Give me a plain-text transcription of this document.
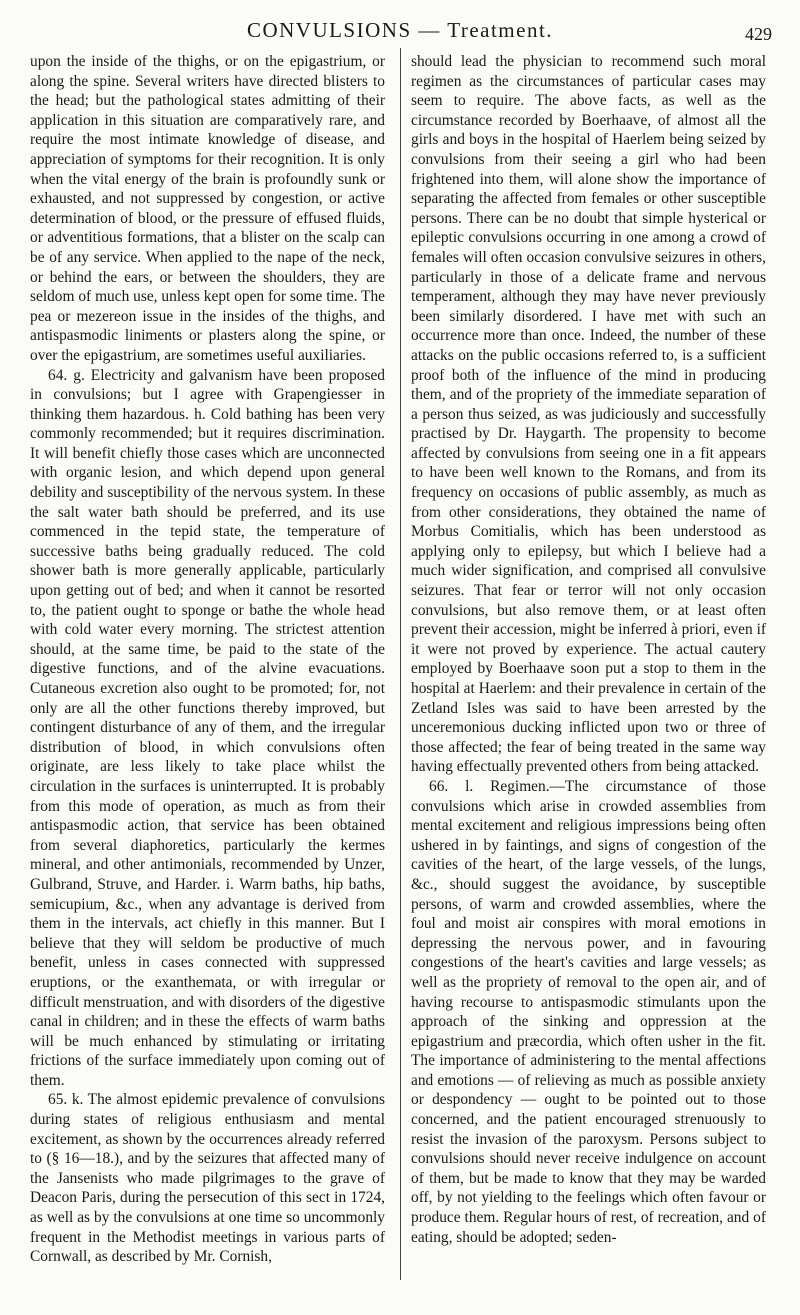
CONVULSIONS — Treatment.	429

upon the inside of the thighs, or on the epigastrium, or along the spine. Several writers have directed blisters to the head; but the pathological states admitting of their application in this situation are comparatively rare, and require the most intimate knowledge of disease, and appreciation of symptoms for their recognition. It is only when the vital energy of the brain is profoundly sunk or exhausted, and not suppressed by congestion, or active determination of blood, or the pressure of effused fluids, or adventitious formations, that a blister on the scalp can be of any service. When applied to the nape of the neck, or behind the ears, or between the shoulders, they are seldom of much use, unless kept open for some time. The pea or mezereon issue in the insides of the thighs, and antispasmodic liniments or plasters along the spine, or over the epigastrium, are sometimes useful auxiliaries.

64. g. Electricity and galvanism have been proposed in convulsions; but I agree with Grapengiesser in thinking them hazardous. h. Cold bathing has been very commonly recommended; but it requires discrimination. It will benefit chiefly those cases which are unconnected with organic lesion, and which depend upon general debility and susceptibility of the nervous system. In these the salt water bath should be preferred, and its use commenced in the tepid state, the temperature of successive baths being gradually reduced. The cold shower bath is more generally applicable, particularly upon getting out of bed; and when it cannot be resorted to, the patient ought to sponge or bathe the whole head with cold water every morning. The strictest attention should, at the same time, be paid to the state of the digestive functions, and of the alvine evacuations. Cutaneous excretion also ought to be promoted; for, not only are all the other functions thereby improved, but contingent disturbance of any of them, and the irregular distribution of blood, in which convulsions often originate, are less likely to take place whilst the circulation in the surfaces is uninterrupted. It is probably from this mode of operation, as much as from their antispasmodic action, that service has been obtained from several diaphoretics, particularly the kermes mineral, and other antimonials, recommended by Unzer, Gulbrand, Struve, and Harder. i. Warm baths, hip baths, semicupium, &c., when any advantage is derived from them in the intervals, act chiefly in this manner. But I believe that they will seldom be productive of much benefit, unless in cases connected with suppressed eruptions, or the exanthemata, or with irregular or difficult menstruation, and with disorders of the digestive canal in children; and in these the effects of warm baths will be much enhanced by stimulating or irritating frictions of the surface immediately upon coming out of them.

65. k. The almost epidemic prevalence of convulsions during states of religious enthusiasm and mental excitement, as shown by the occurrences already referred to (§ 16—18.), and by the seizures that affected many of the Jansenists who made pilgrimages to the grave of Deacon Paris, during the persecution of this sect in 1724, as well as by the convulsions at one time so uncommonly frequent in the Methodist meetings in various parts of Cornwall, as described by Mr. Cornish,

should lead the physician to recommend such moral regimen as the circumstances of particular cases may seem to require. The above facts, as well as the circumstance recorded by Boerhaave, of almost all the girls and boys in the hospital of Haerlem being seized by convulsions from their seeing a girl who had been frightened into them, will alone show the importance of separating the affected from females or other susceptible persons. There can be no doubt that simple hysterical or epileptic convulsions occurring in one among a crowd of females will often occasion convulsive seizures in others, particularly in those of a delicate frame and nervous temperament, although they may have never previously been similarly disordered. I have met with such an occurrence more than once. Indeed, the number of these attacks on the public occasions referred to, is a sufficient proof both of the influence of the mind in producing them, and of the propriety of the immediate separation of a person thus seized, as was judiciously and successfully practised by Dr. Haygarth. The propensity to become affected by convulsions from seeing one in a fit appears to have been well known to the Romans, and from its frequency on occasions of public assembly, as much as from other considerations, they obtained the name of Morbus Comitialis, which has been understood as applying only to epilepsy, but which I believe had a much wider signification, and comprised all convulsive seizures. That fear or terror will not only occasion convulsions, but also remove them, or at least often prevent their accession, might be inferred à priori, even if it were not proved by experience. The actual cautery employed by Boerhaave soon put a stop to them in the hospital at Haerlem: and their prevalence in certain of the Zetland Isles was said to have been arrested by the unceremonious ducking inflicted upon two or three of those affected; the fear of being treated in the same way having effectually prevented others from being attacked.

66. l. Regimen.—The circumstance of those convulsions which arise in crowded assemblies from mental excitement and religious impressions being often ushered in by faintings, and signs of congestion of the cavities of the heart, of the large vessels, of the lungs, &c., should suggest the avoidance, by susceptible persons, of warm and crowded assemblies, where the foul and moist air conspires with moral emotions in depressing the nervous power, and in favouring congestions of the heart's cavities and large vessels; as well as the propriety of removal to the open air, and of having recourse to antispasmodic stimulants upon the approach of the sinking and oppression at the epigastrium and præcordia, which often usher in the fit. The importance of administering to the mental affections and emotions — of relieving as much as possible anxiety or despondency — ought to be pointed out to those concerned, and the patient encouraged strenuously to resist the invasion of the paroxysm. Persons subject to convulsions should never receive indulgence on account of them, but be made to know that they may be warded off, by not yielding to the feelings which often favour or produce them. Regular hours of rest, of recreation, and of eating, should be adopted; seden-
